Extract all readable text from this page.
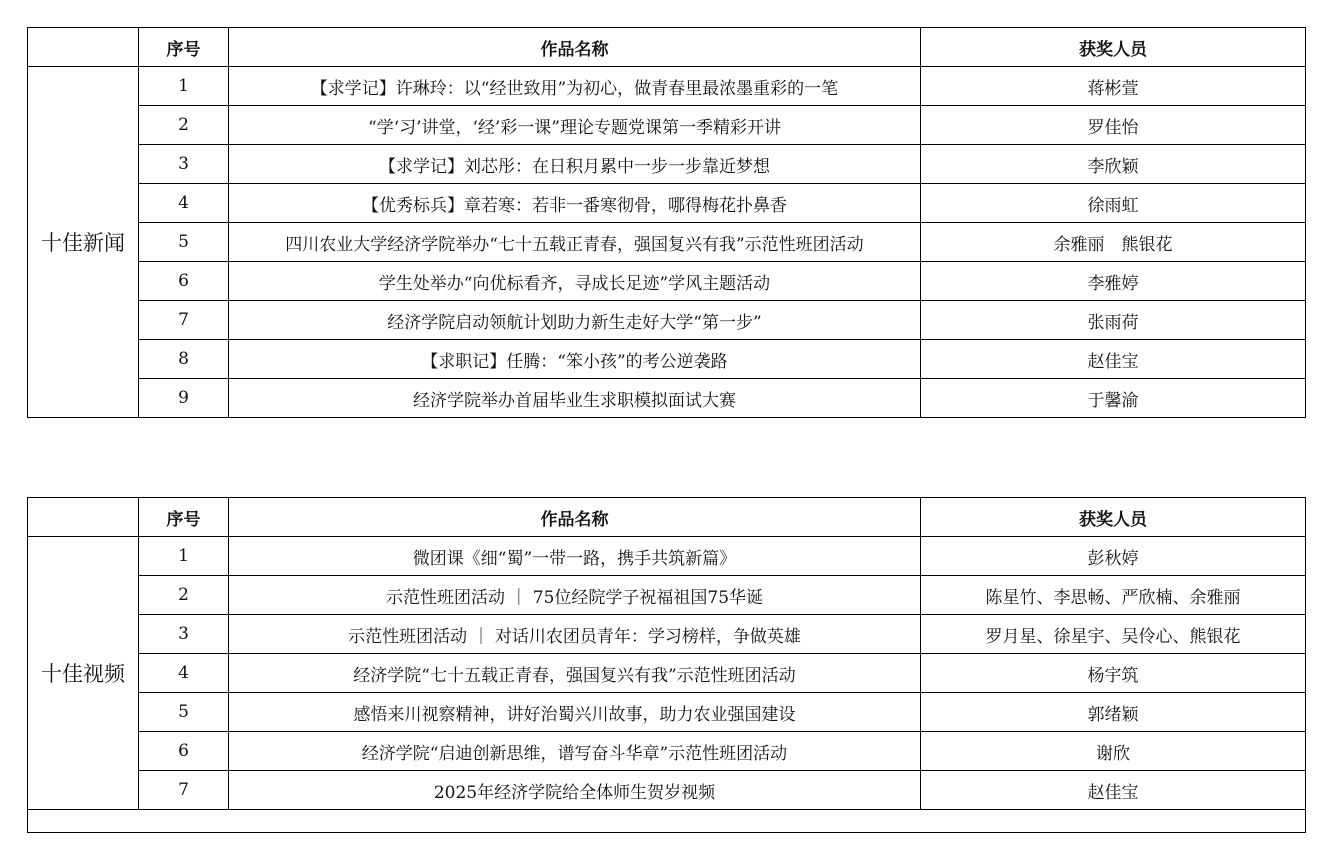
	序号	作品名称	获奖人员
十佳新闻	1	【求学记】许琳玲：以“经世致用”为初心，做青春里最浓墨重彩的一笔	蒋彬萱
	2	“学‘习’讲堂，‘经’彩一课”理论专题党课第一季精彩开讲	罗佳怡
	3	【求学记】刘芯彤：在日积月累中一步一步靠近梦想	李欣颖
	4	【优秀标兵】章若寒：若非一番寒彻骨，哪得梅花扑鼻香	徐雨虹
	5	四川农业大学经济学院举办“七十五载正青春，强国复兴有我”示范性班团活动	余雅丽　熊银花
	6	学生处举办“向优标看齐，寻成长足迹”学风主题活动	李雅婷
	7	经济学院启动领航计划助力新生走好大学“第一步”	张雨荷
	8	【求职记】任腾：“笨小孩”的考公逆袭路	赵佳宝
	9	经济学院举办首届毕业生求职模拟面试大赛	于馨渝
	序号	作品名称	获奖人员
十佳视频	1	微团课《细“蜀”一带一路，携手共筑新篇》	彭秋婷
	2	示范性班团活动 ｜ 75位经院学子祝福祖国75华诞	陈星竹、李思畅、严欣楠、余雅丽
	3	示范性班团活动 ｜ 对话川农团员青年：学习榜样，争做英雄	罗月星、徐星宇、吴伶心、熊银花
	4	经济学院“七十五载正青春，强国复兴有我”示范性班团活动	杨宇筑
	5	感悟来川视察精神，讲好治蜀兴川故事，助力农业强国建设	郭绪颖
	6	经济学院“启迪创新思维，谱写奋斗华章”示范性班团活动	谢欣
	7	2025年经济学院给全体师生贺岁视频	赵佳宝
